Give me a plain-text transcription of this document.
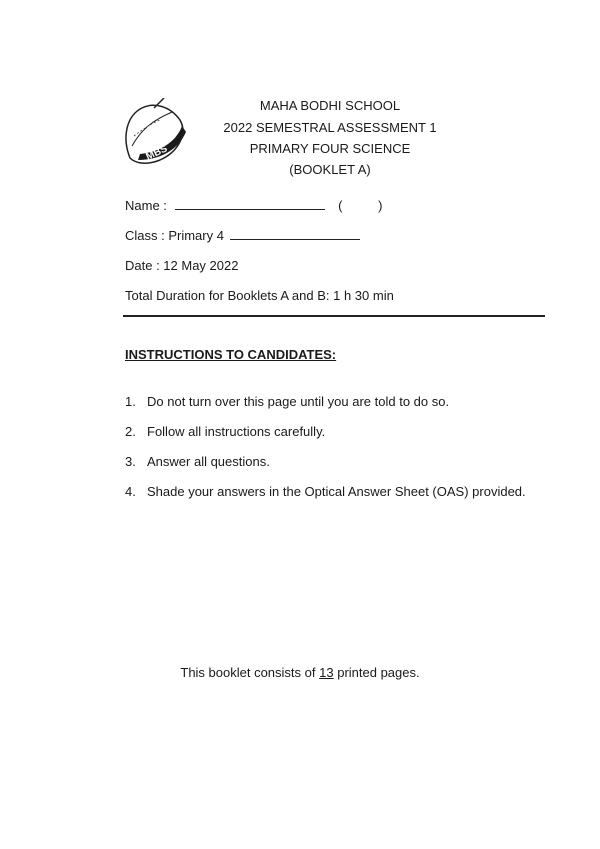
MBS
MAHA BODHI SCHOOL
2022 SEMESTRAL ASSESSMENT 1
PRIMARY FOUR SCIENCE
(BOOKLET A)
Name :	(	)
Class : Primary 4
Date : 12 May 2022
Total Duration for Booklets A and B: 1 h 30 min
INSTRUCTIONS TO CANDIDATES:
1. Do not turn over this page until you are told to do so.
2. Follow all instructions carefully.
3. Answer all questions.
4. Shade your answers in the Optical Answer Sheet (OAS) provided.
This booklet consists of 13 printed pages.
